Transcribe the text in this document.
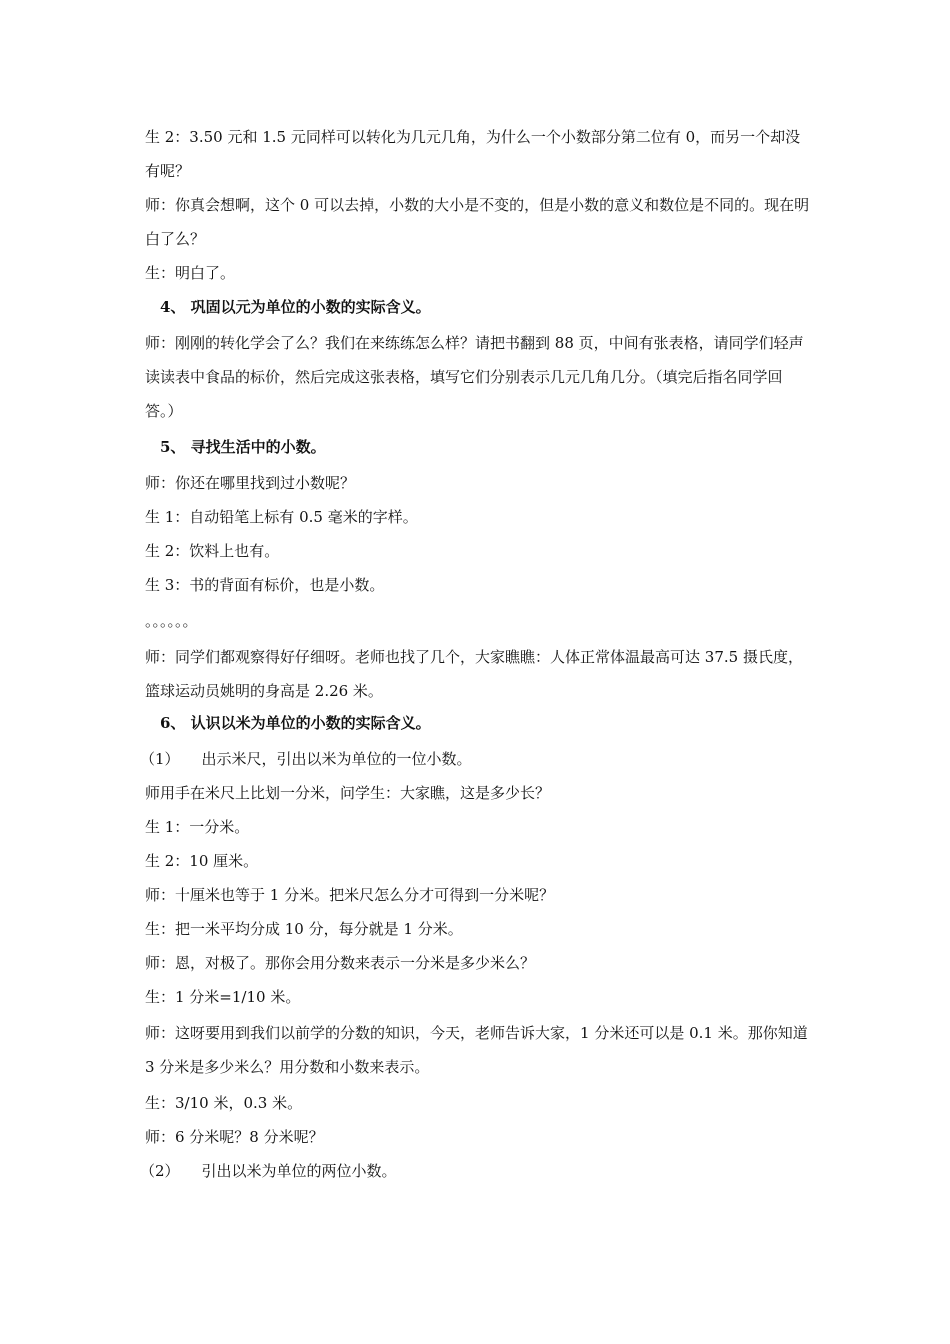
生 2：3.50 元和 1.5 元同样可以转化为几元几角，为什么一个小数部分第二位有 0，而另一个却没有呢？
师：你真会想啊，这个 0 可以去掉，小数的大小是不变的，但是小数的意义和数位是不同的。现在明白了么？
生：明白了。
4、 巩固以元为单位的小数的实际含义。
师：刚刚的转化学会了么？我们在来练练怎么样？请把书翻到 88 页，中间有张表格，请同学们轻声读读表中食品的标价，然后完成这张表格，填写它们分别表示几元几角几分。（填完后指名同学回答。）
5、 寻找生活中的小数。
师：你还在哪里找到过小数呢？
生 1：自动铅笔上标有 0.5 毫米的字样。
生 2：饮料上也有。
生 3：书的背面有标价，也是小数。
。。。。。。
师：同学们都观察得好仔细呀。老师也找了几个，大家瞧瞧：人体正常体温最高可达 37.5 摄氏度，篮球运动员姚明的身高是 2.26 米。
6、 认识以米为单位的小数的实际含义。
（1） 出示米尺，引出以米为单位的一位小数。
师用手在米尺上比划一分米，问学生：大家瞧，这是多少长？
生 1：一分米。
生 2：10 厘米。
师：十厘米也等于 1 分米。把米尺怎么分才可得到一分米呢？
生：把一米平均分成 10 分，每分就是 1 分米。
师：恩，对极了。那你会用分数来表示一分米是多少米么？
生：1 分米=1/10 米。
师：这呀要用到我们以前学的分数的知识，今天，老师告诉大家，1 分米还可以是 0.1 米。那你知道 3 分米是多少米么？用分数和小数来表示。
生：3/10 米，0.3 米。
师：6 分米呢？8 分米呢？
（2） 引出以米为单位的两位小数。
